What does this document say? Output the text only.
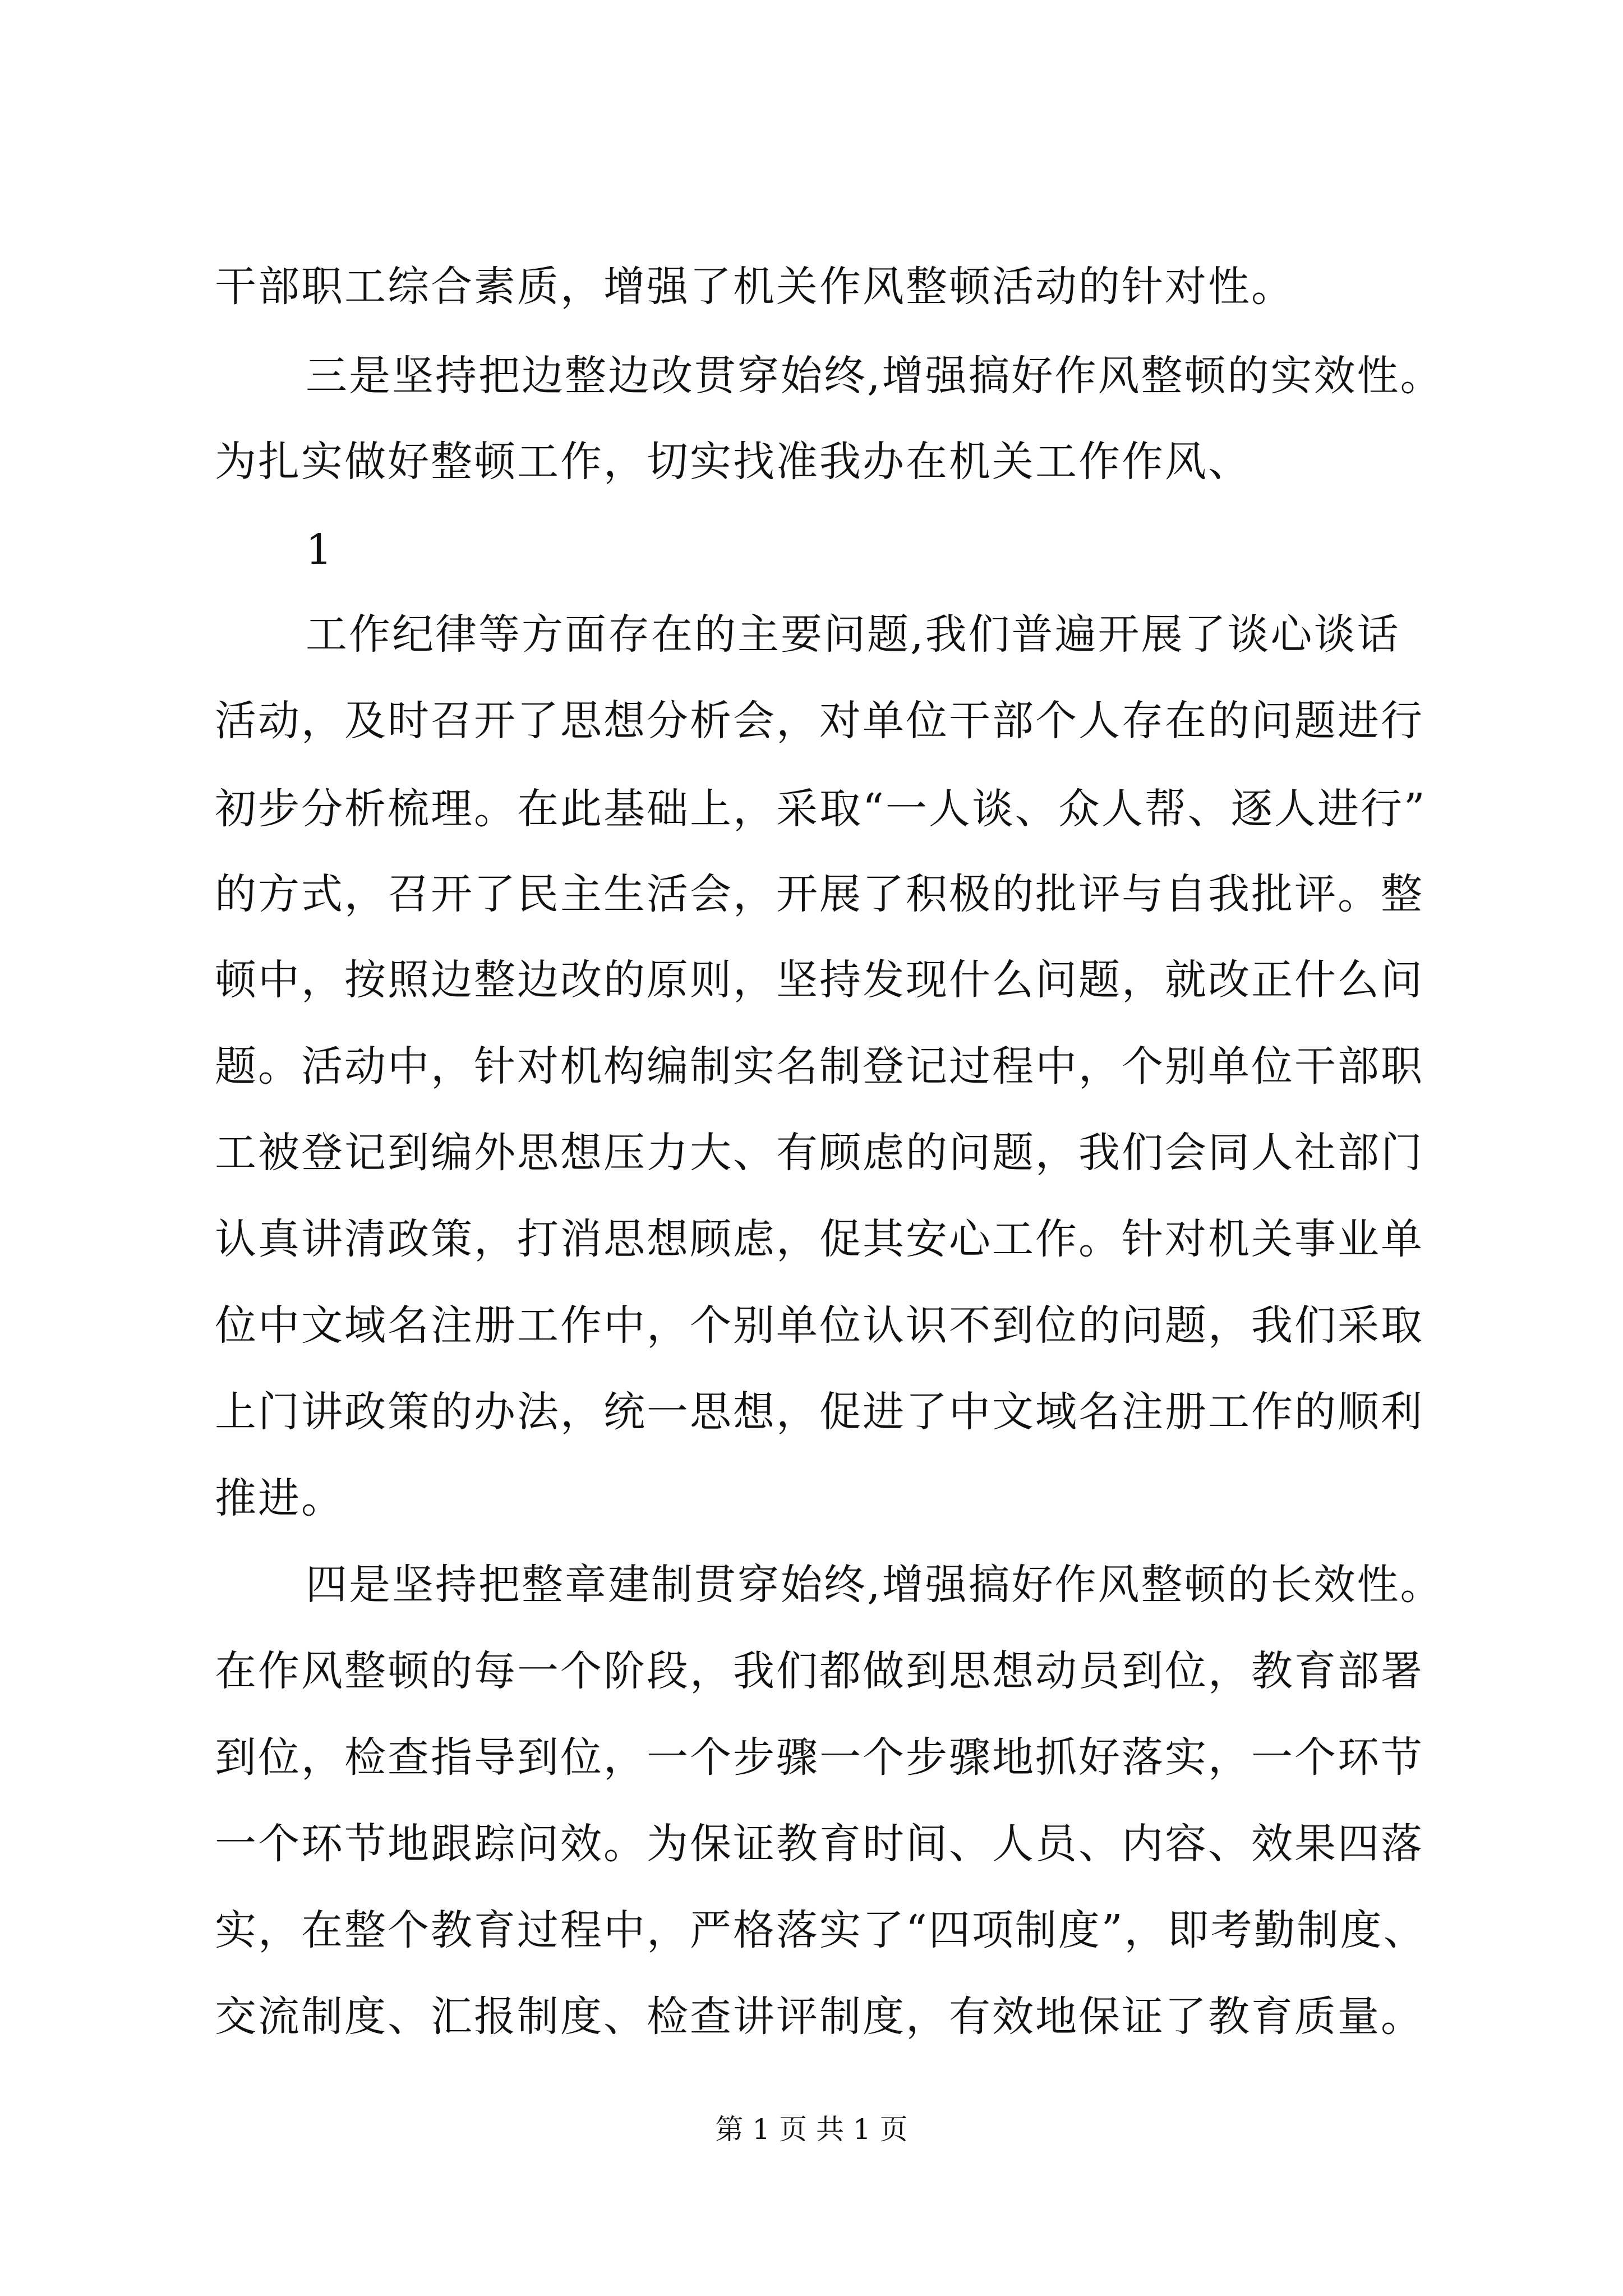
干部职工综合素质，增强了机关作风整顿活动的针对性。
三是坚持把边整边改贯穿始终,增强搞好作风整顿的实效性。
为扎实做好整顿工作，切实找准我办在机关工作作风、
1
工作纪律等方面存在的主要问题,我们普遍开展了谈心谈话
活动，及时召开了思想分析会，对单位干部个人存在的问题进行
初步分析梳理。在此基础上，采取“一人谈、众人帮、逐人进行”
的方式，召开了民主生活会，开展了积极的批评与自我批评。整
顿中，按照边整边改的原则，坚持发现什么问题，就改正什么问
题。活动中，针对机构编制实名制登记过程中，个别单位干部职
工被登记到编外思想压力大、有顾虑的问题，我们会同人社部门
认真讲清政策，打消思想顾虑，促其安心工作。针对机关事业单
位中文域名注册工作中，个别单位认识不到位的问题，我们采取
上门讲政策的办法，统一思想，促进了中文域名注册工作的顺利
推进。
四是坚持把整章建制贯穿始终,增强搞好作风整顿的长效性。
在作风整顿的每一个阶段，我们都做到思想动员到位，教育部署
到位，检查指导到位，一个步骤一个步骤地抓好落实，一个环节
一个环节地跟踪问效。为保证教育时间、人员、内容、效果四落
实，在整个教育过程中，严格落实了“四项制度”，即考勤制度、
交流制度、汇报制度、检查讲评制度，有效地保证了教育质量。
第 1 页 共 1 页
